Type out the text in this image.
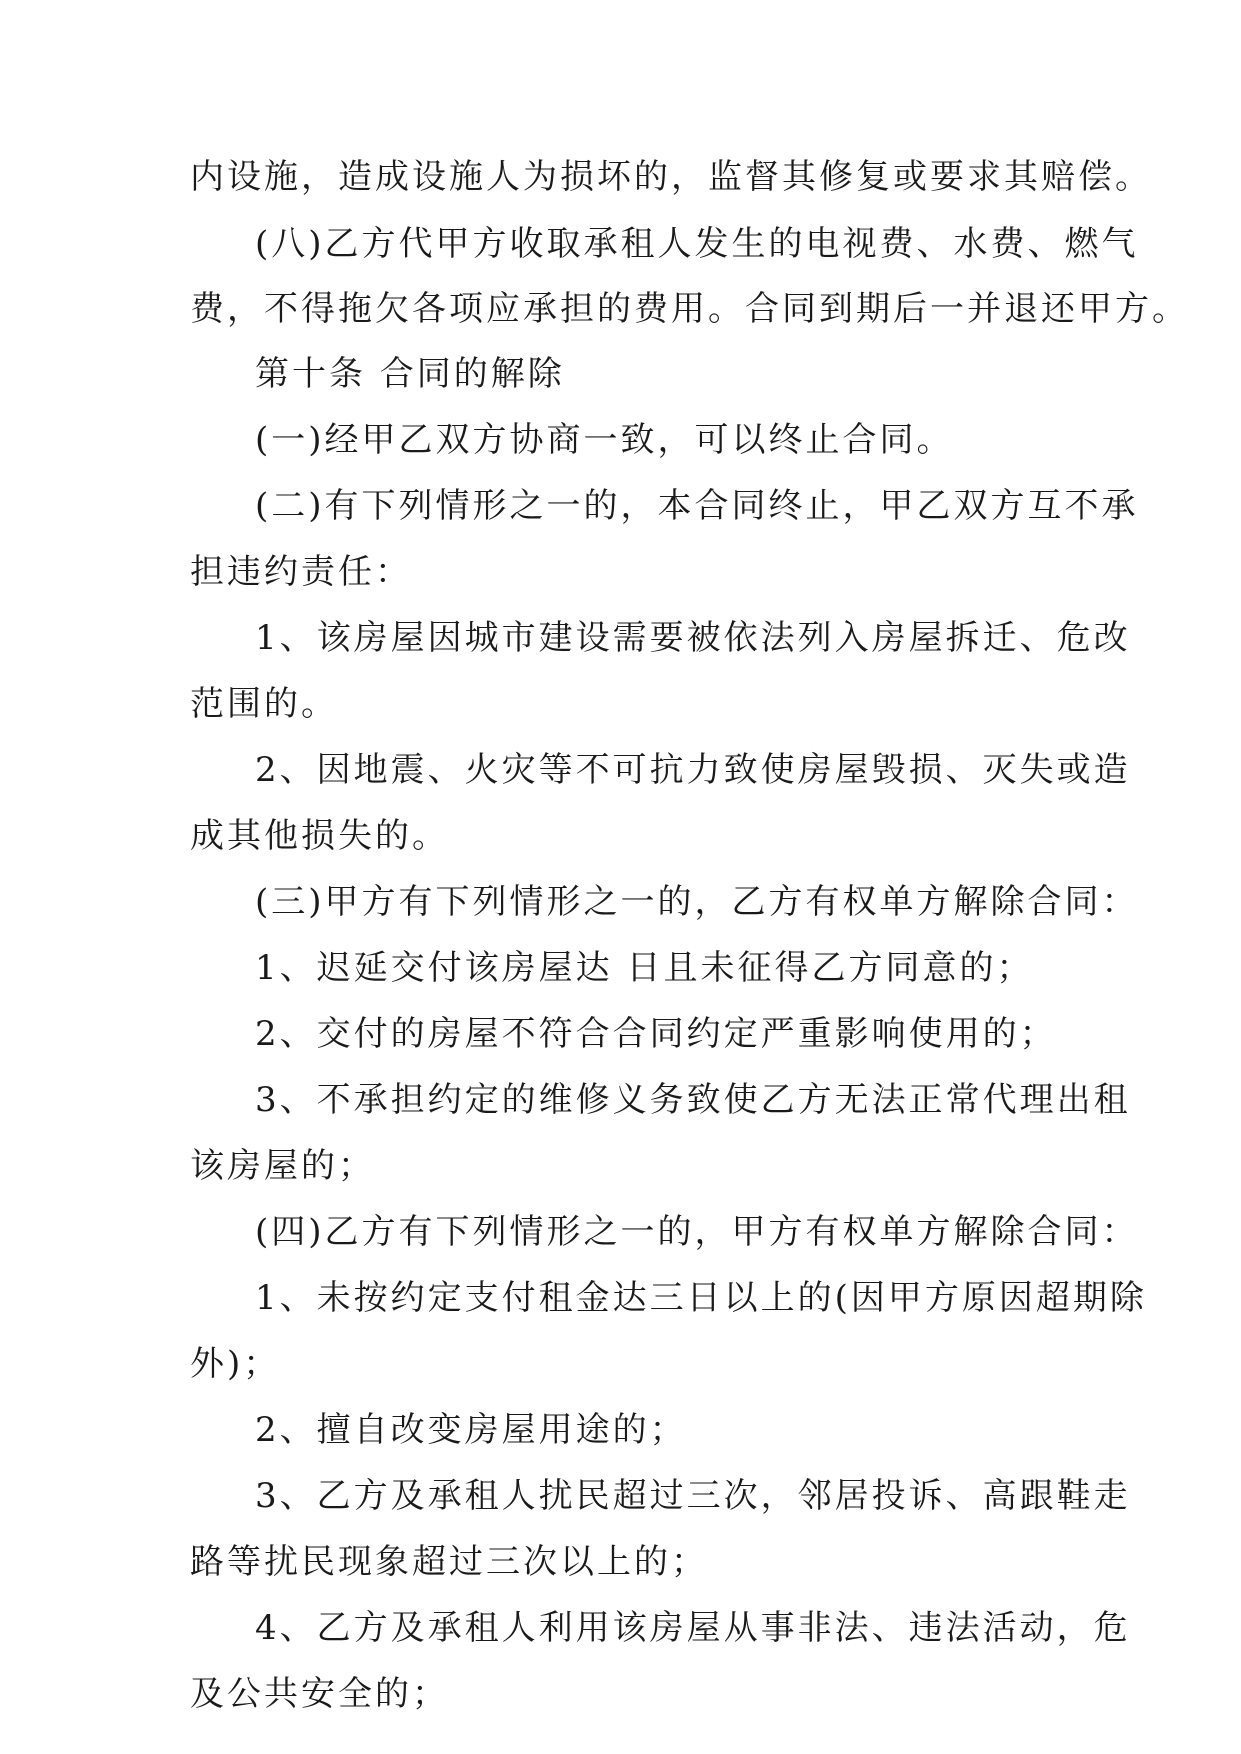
内设施，造成设施人为损坏的，监督其修复或要求其赔偿。
(八)乙方代甲方收取承租人发生的电视费、水费、燃气
费，不得拖欠各项应承担的费用。合同到期后一并退还甲方。
第十条 合同的解除
(一)经甲乙双方协商一致，可以终止合同。
(二)有下列情形之一的，本合同终止，甲乙双方互不承
担违约责任：
1、该房屋因城市建设需要被依法列入房屋拆迁、危改
范围的。
2、因地震、火灾等不可抗力致使房屋毁损、灭失或造
成其他损失的。
(三)甲方有下列情形之一的，乙方有权单方解除合同：
1、迟延交付该房屋达 日且未征得乙方同意的；
2、交付的房屋不符合合同约定严重影响使用的；
3、不承担约定的维修义务致使乙方无法正常代理出租
该房屋的；
(四)乙方有下列情形之一的，甲方有权单方解除合同：
1、未按约定支付租金达三日以上的(因甲方原因超期除
外)；
2、擅自改变房屋用途的；
3、乙方及承租人扰民超过三次，邻居投诉、高跟鞋走
路等扰民现象超过三次以上的；
4、乙方及承租人利用该房屋从事非法、违法活动，危
及公共安全的；
